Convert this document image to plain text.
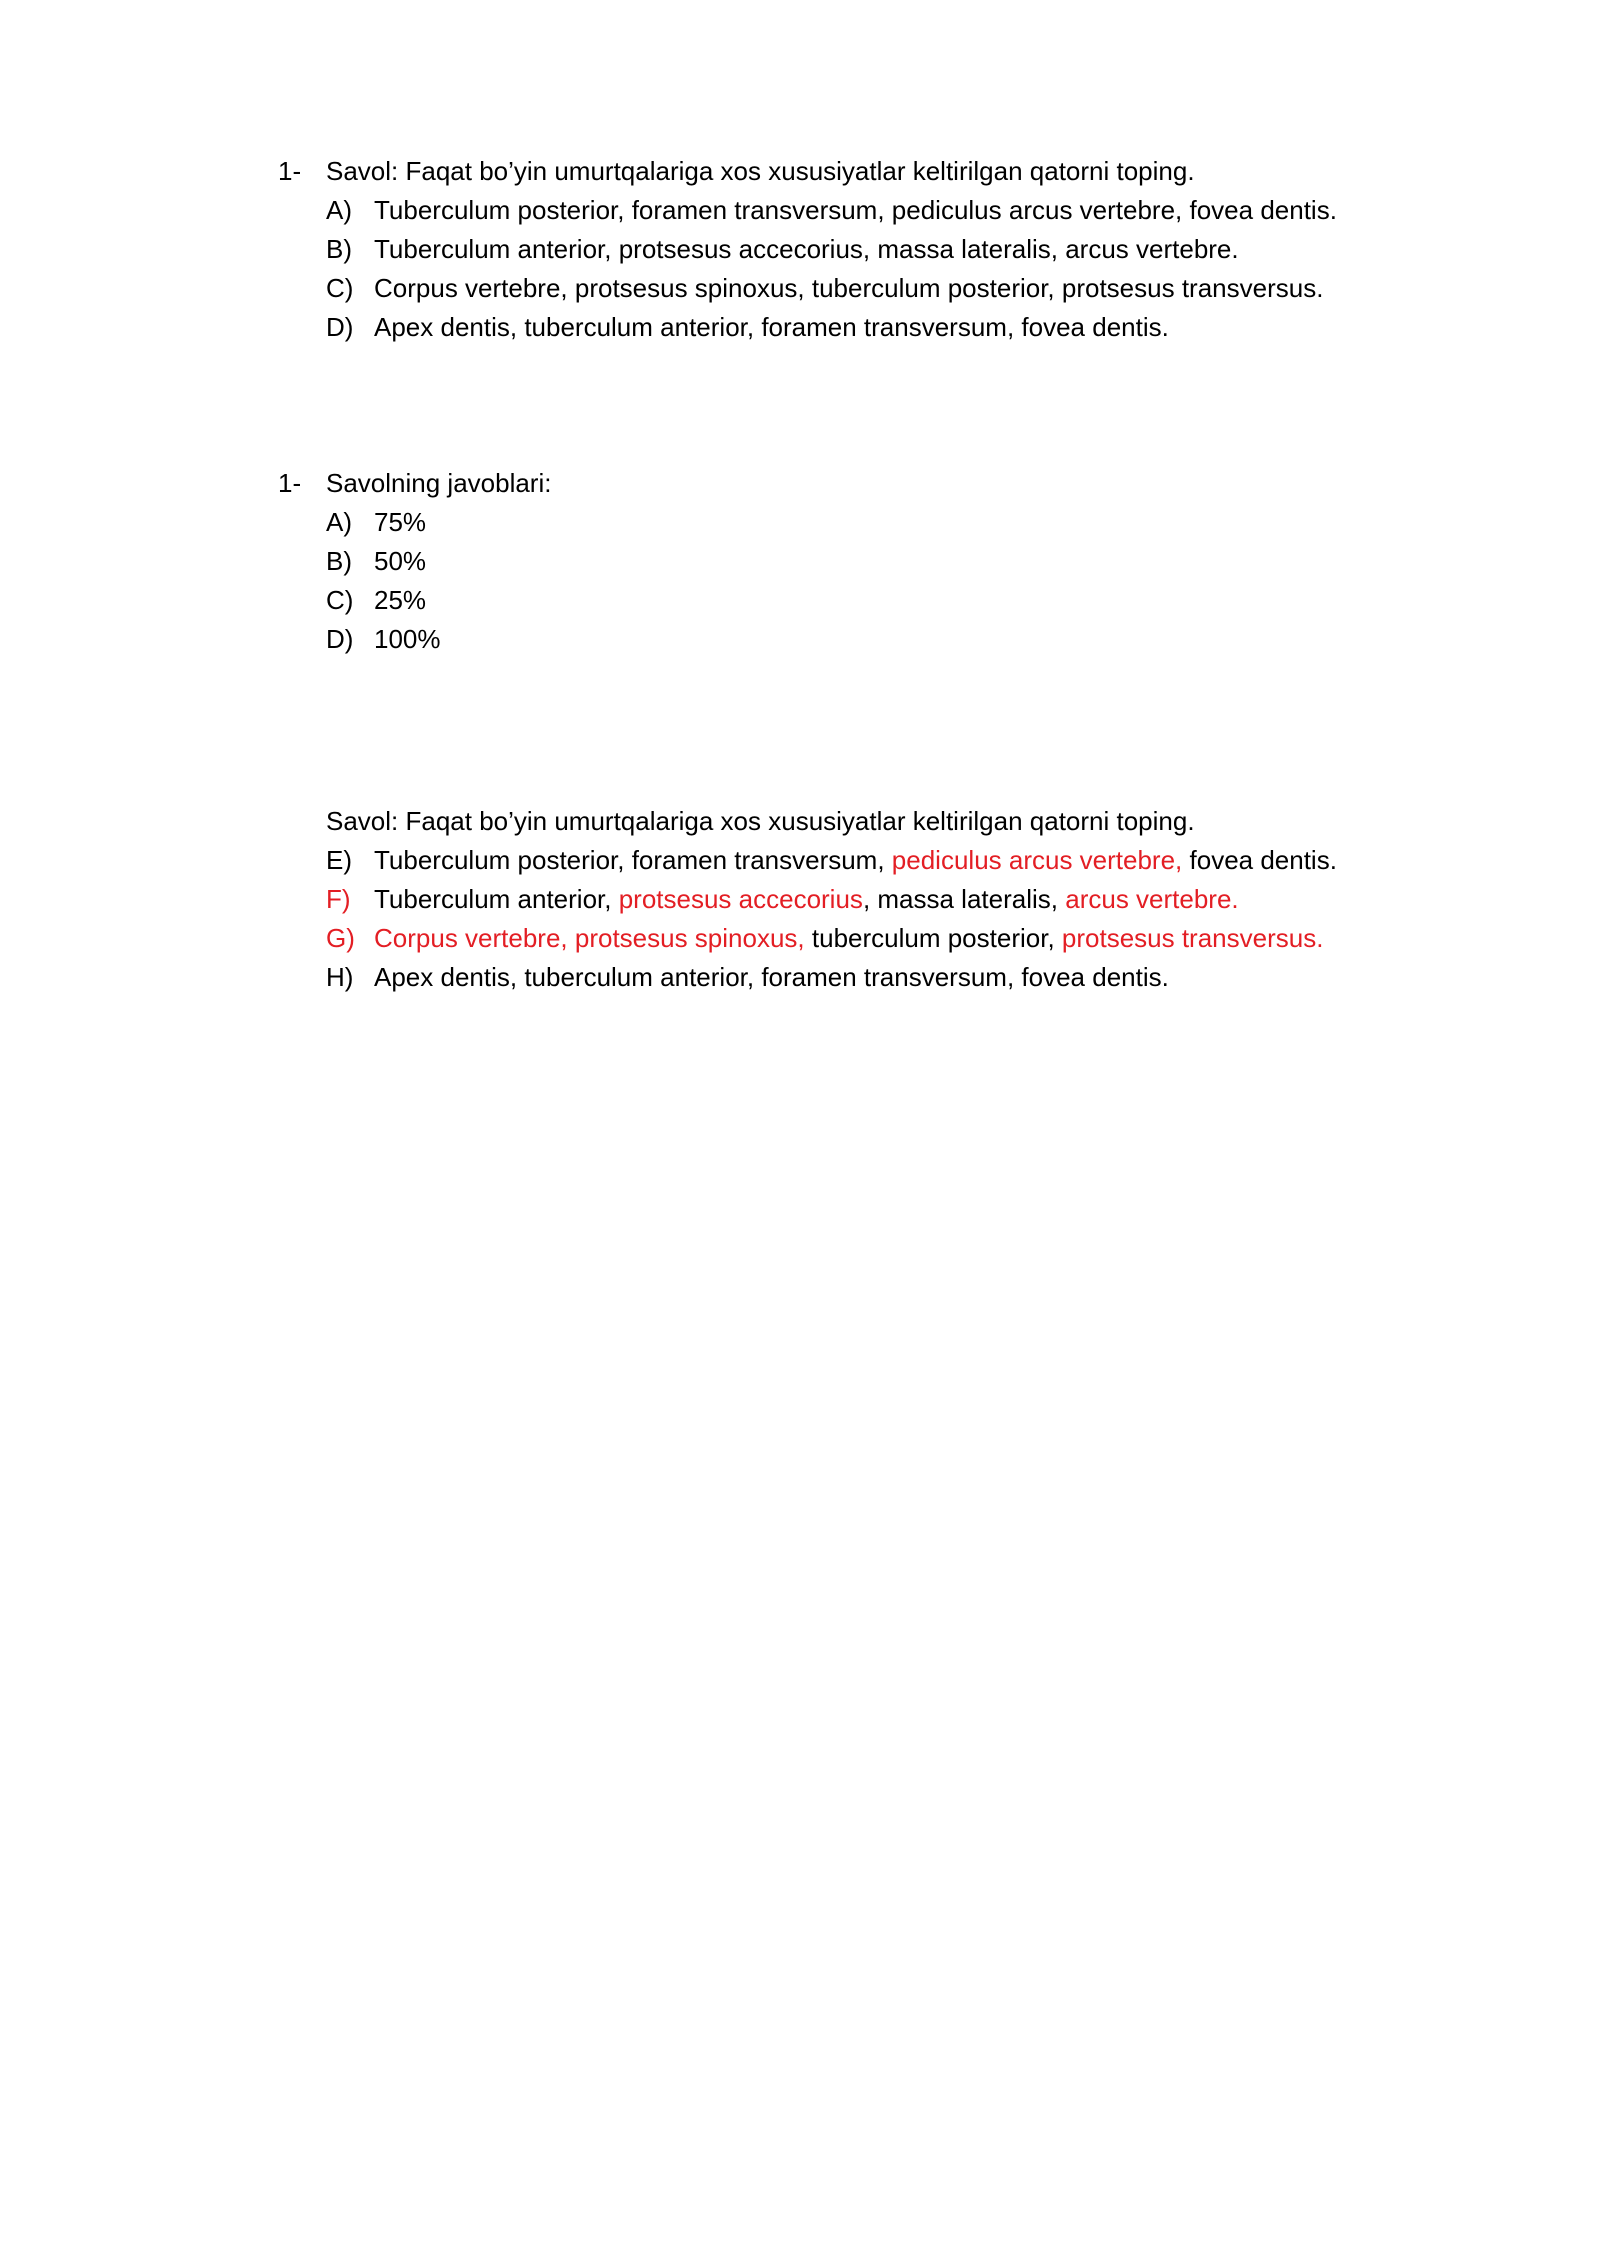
1- Savol: Faqat bo’yin umurtqalariga xos xususiyatlar keltirilgan qatorni toping.
A) Tuberculum posterior, foramen transversum, pediculus arcus vertebre, fovea dentis.
B) Tuberculum anterior, protsesus accecorius, massa lateralis, arcus vertebre.
C) Corpus vertebre, protsesus spinoxus, tuberculum posterior, protsesus transversus.
D) Apex dentis, tuberculum anterior, foramen transversum, fovea dentis.
1- Savolning javoblari:
A) 75%
B) 50%
C) 25%
D) 100%
Savol: Faqat bo’yin umurtqalariga xos xususiyatlar keltirilgan qatorni toping.
E) Tuberculum posterior, foramen transversum, pediculus arcus vertebre, fovea dentis.
F) Tuberculum anterior, protsesus accecorius, massa lateralis, arcus vertebre.
G) Corpus vertebre, protsesus spinoxus, tuberculum posterior, protsesus transversus.
H) Apex dentis, tuberculum anterior, foramen transversum, fovea dentis.
